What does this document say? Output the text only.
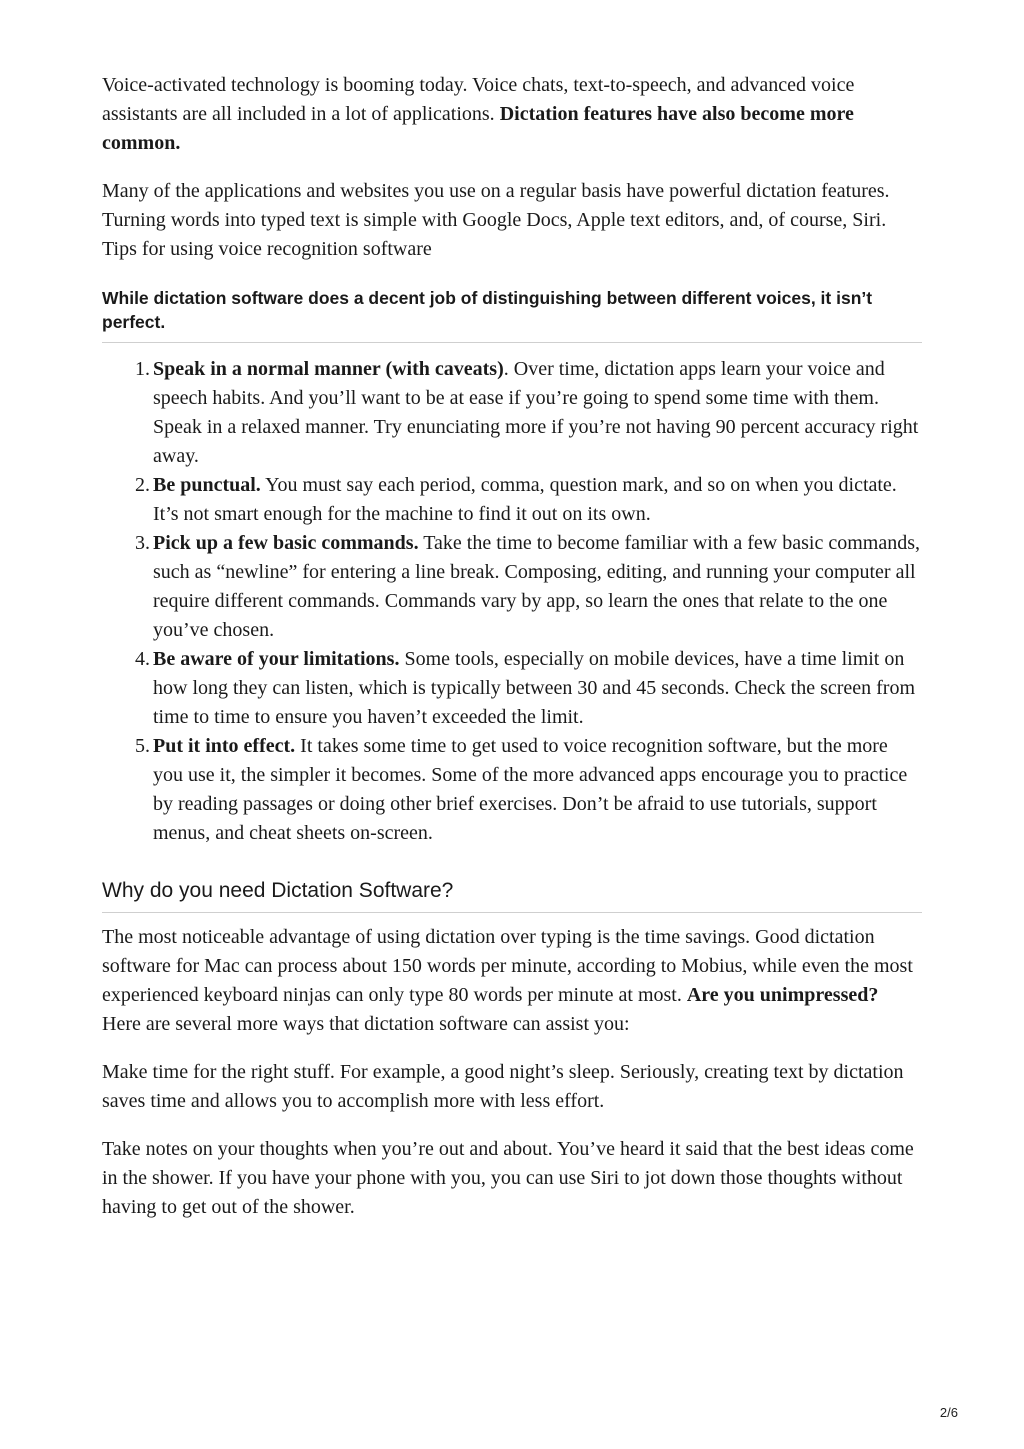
Voice-activated technology is booming today. Voice chats, text-to-speech, and advanced voice assistants are all included in a lot of applications. Dictation features have also become more common.

Many of the applications and websites you use on a regular basis have powerful dictation features. Turning words into typed text is simple with Google Docs, Apple text editors, and, of course, Siri.

Tips for using voice recognition software

While dictation software does a decent job of distinguishing between different voices, it isn’t perfect.
1. Speak in a normal manner (with caveats). Over time, dictation apps learn your voice and speech habits. And you’ll want to be at ease if you’re going to spend some time with them. Speak in a relaxed manner. Try enunciating more if you’re not having 90 percent accuracy right away.
2. Be punctual. You must say each period, comma, question mark, and so on when you dictate. It’s not smart enough for the machine to find it out on its own.
3. Pick up a few basic commands. Take the time to become familiar with a few basic commands, such as “newline” for entering a line break. Composing, editing, and running your computer all require different commands. Commands vary by app, so learn the ones that relate to the one you’ve chosen.
4. Be aware of your limitations. Some tools, especially on mobile devices, have a time limit on how long they can listen, which is typically between 30 and 45 seconds. Check the screen from time to time to ensure you haven’t exceeded the limit.
5. Put it into effect. It takes some time to get used to voice recognition software, but the more you use it, the simpler it becomes. Some of the more advanced apps encourage you to practice by reading passages or doing other brief exercises. Don’t be afraid to use tutorials, support menus, and cheat sheets on-screen.
Why do you need Dictation Software?

The most noticeable advantage of using dictation over typing is the time savings. Good dictation software for Mac can process about 150 words per minute, according to Mobius, while even the most experienced keyboard ninjas can only type 80 words per minute at most. Are you unimpressed? Here are several more ways that dictation software can assist you:

Make time for the right stuff. For example, a good night’s sleep. Seriously, creating text by dictation saves time and allows you to accomplish more with less effort.

Take notes on your thoughts when you’re out and about. You’ve heard it said that the best ideas come in the shower. If you have your phone with you, you can use Siri to jot down those thoughts without having to get out of the shower.

2/6
